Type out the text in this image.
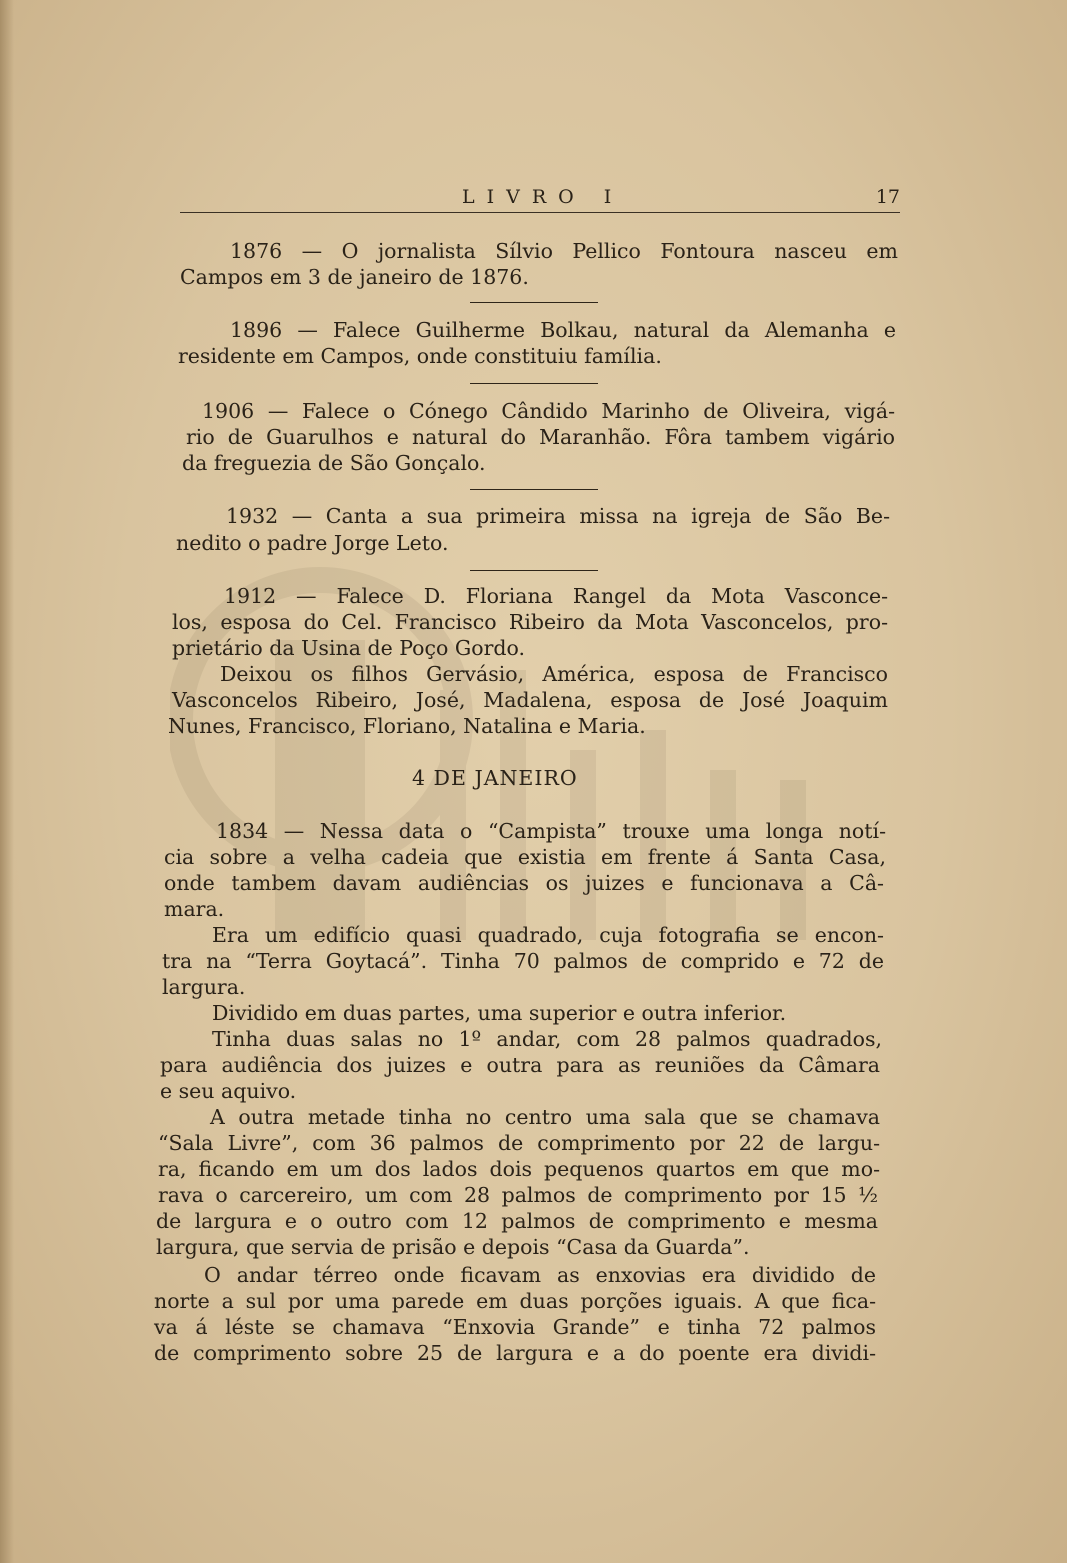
LIVRO I	17
1876 — O jornalista Sílvio Pellico Fontoura nasceu em
Campos em 3 de janeiro de 1876.
1896 — Falece Guilherme Bolkau, natural da Alemanha e
residente em Campos, onde constituiu família.
1906 — Falece o Cónego Cândido Marinho de Oliveira, vigá-
rio de Guarulhos e natural do Maranhão. Fôra tambem vigário
da freguezia de São Gonçalo.
1932 — Canta a sua primeira missa na igreja de São Be-
nedito o padre Jorge Leto.
1912 — Falece D. Floriana Rangel da Mota Vasconce-
los, esposa do Cel. Francisco Ribeiro da Mota Vasconcelos, pro-
prietário da Usina de Poço Gordo.
Deixou os filhos Gervásio, América, esposa de Francisco
Vasconcelos Ribeiro, José, Madalena, esposa de José Joaquim
Nunes, Francisco, Floriano, Natalina e Maria.
4 DE JANEIRO
1834 — Nessa data o “Campista” trouxe uma longa notí-
cia sobre a velha cadeia que existia em frente á Santa Casa,
onde tambem davam audiências os juizes e funcionava a Câ-
mara.
Era um edifício quasi quadrado, cuja fotografia se encon-
tra na “Terra Goytacá”. Tinha 70 palmos de comprido e 72 de
largura.
Dividido em duas partes, uma superior e outra inferior.
Tinha duas salas no 1º andar, com 28 palmos quadrados,
para audiência dos juizes e outra para as reuniões da Câmara
e seu aquivo.
A outra metade tinha no centro uma sala que se chamava
“Sala Livre”, com 36 palmos de comprimento por 22 de largu-
ra, ficando em um dos lados dois pequenos quartos em que mo-
rava o carcereiro, um com 28 palmos de comprimento por 15 ½
de largura e o outro com 12 palmos de comprimento e mesma
largura, que servia de prisão e depois “Casa da Guarda”.
O andar térreo onde ficavam as enxovias era dividido de
norte a sul por uma parede em duas porções iguais. A que fica-
va á léste se chamava “Enxovia Grande” e tinha 72 palmos
de comprimento sobre 25 de largura e a do poente era dividi-
